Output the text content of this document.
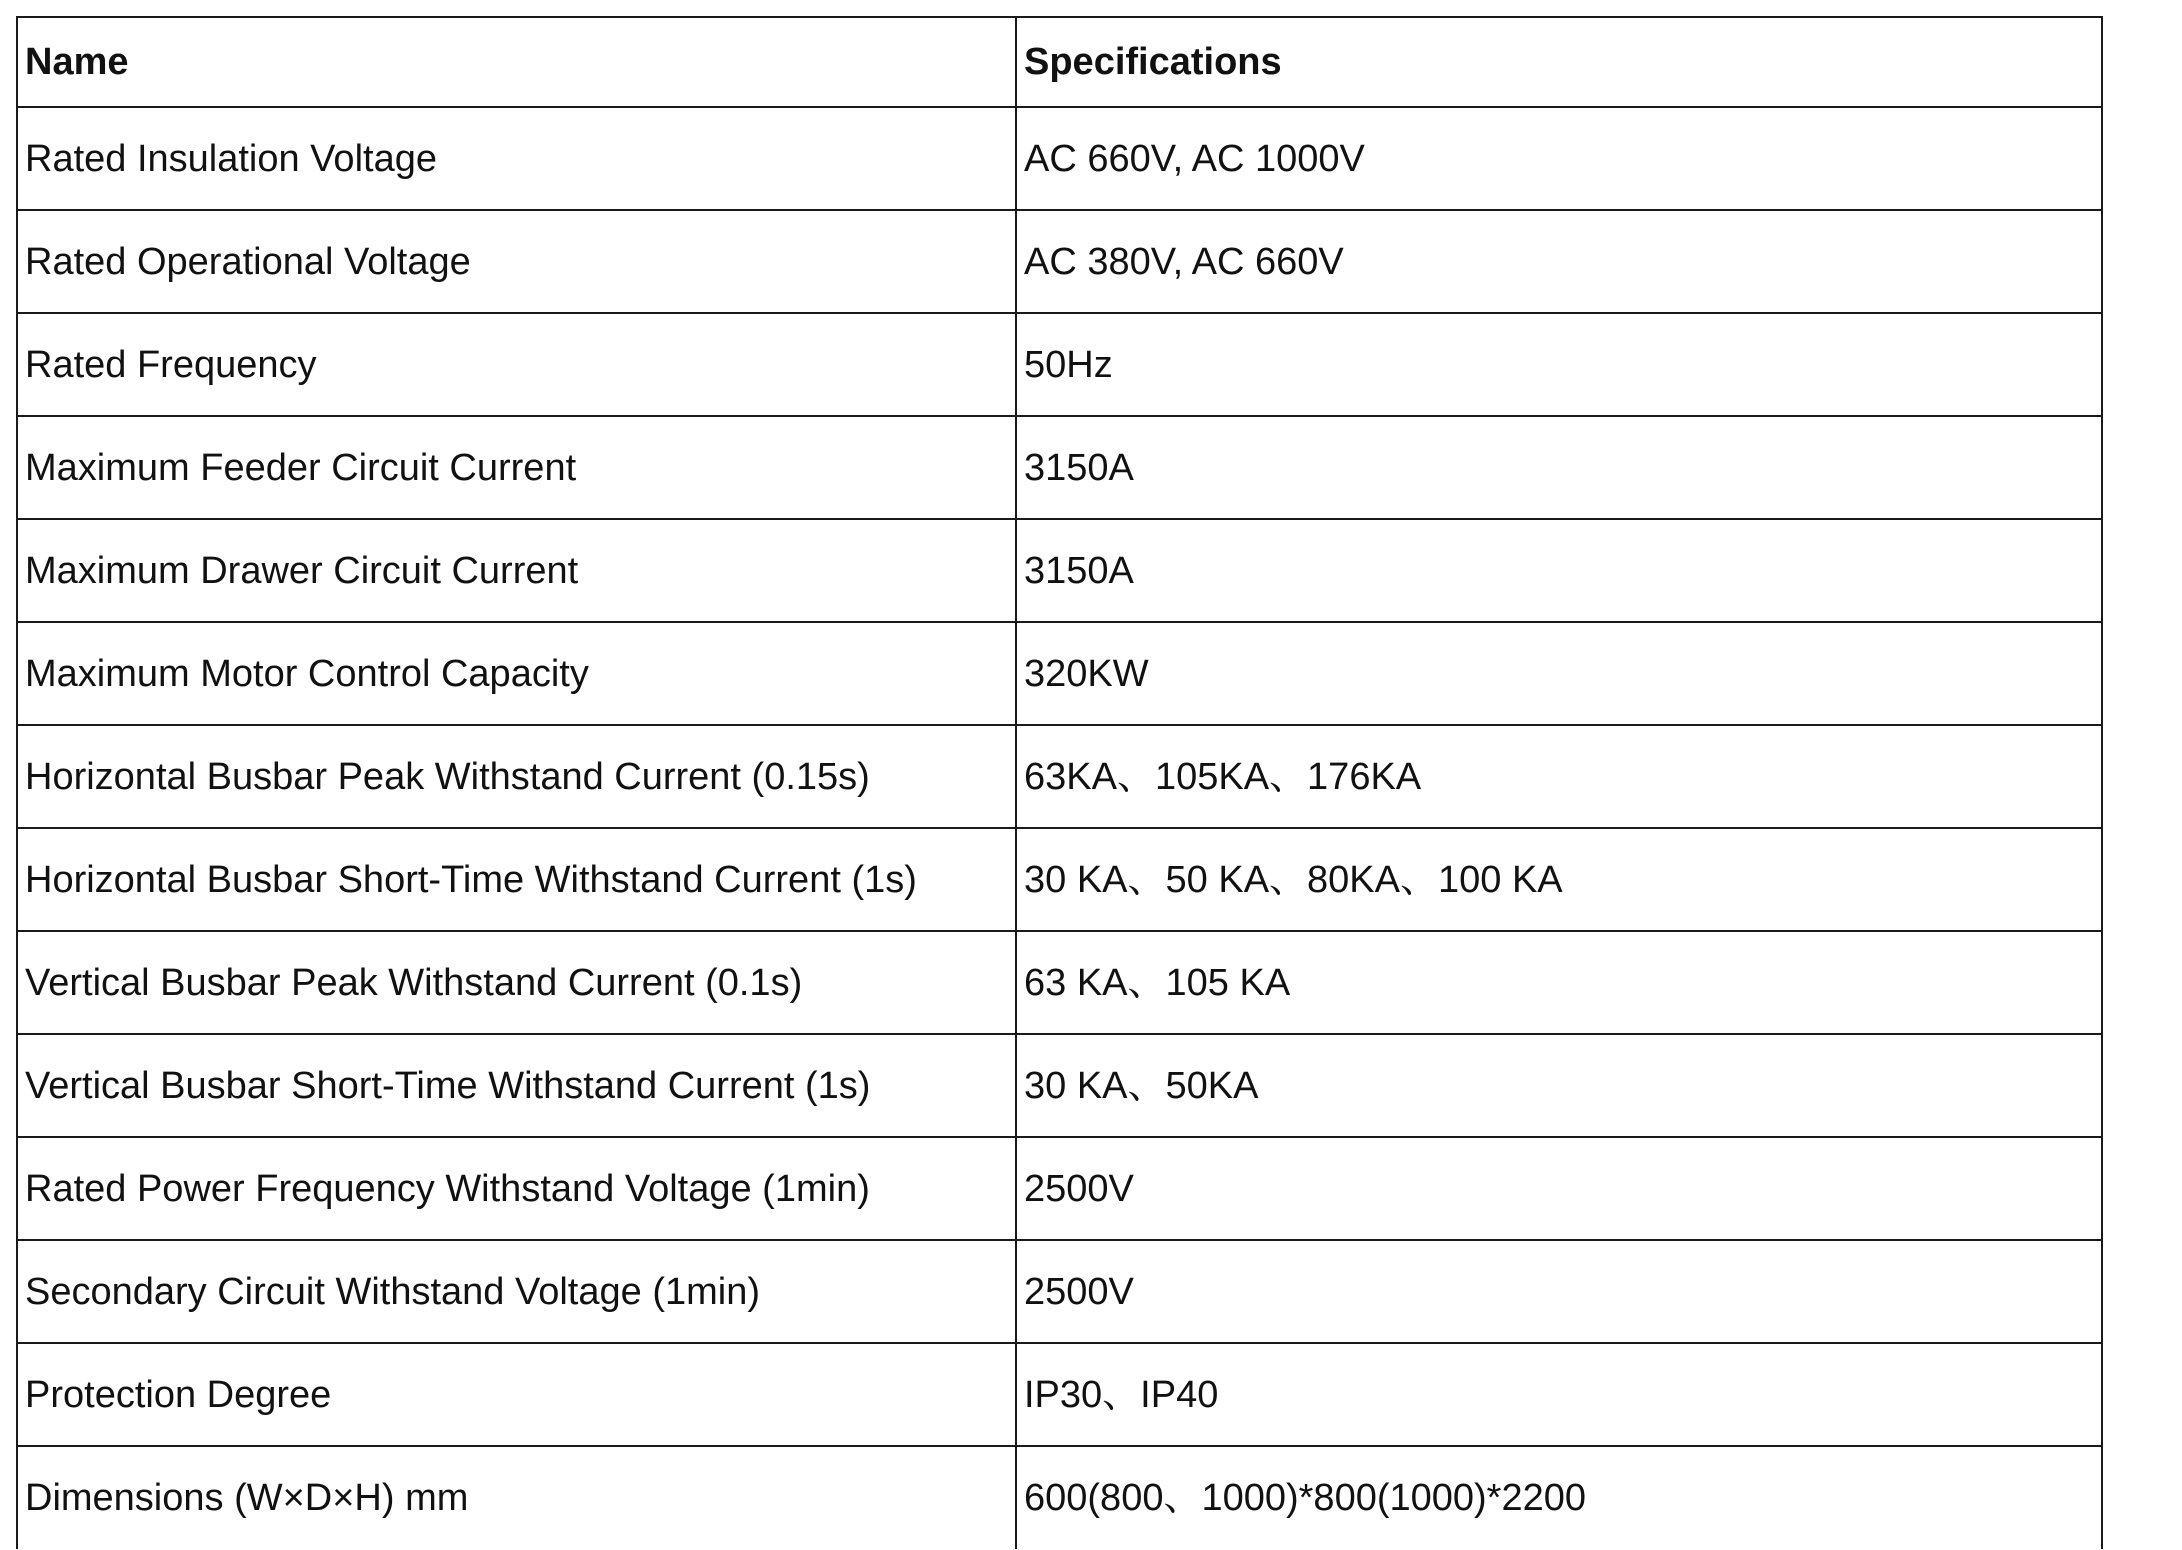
Name	Specifications
Rated Insulation Voltage	AC 660V, AC 1000V
Rated Operational Voltage	AC 380V, AC 660V
Rated Frequency	50Hz
Maximum Feeder Circuit Current	3150A
Maximum Drawer Circuit Current	3150A
Maximum Motor Control Capacity	320KW
Horizontal Busbar Peak Withstand Current (0.15s)	63KA、105KA、176KA
Horizontal Busbar Short-Time Withstand Current (1s)	30 KA、50 KA、80KA、100 KA
Vertical Busbar Peak Withstand Current (0.1s)	63 KA、105 KA
Vertical Busbar Short-Time Withstand Current (1s)	30 KA、50KA
Rated Power Frequency Withstand Voltage (1min)	2500V
Secondary Circuit Withstand Voltage (1min)	2500V
Protection Degree	IP30、IP40
Dimensions (W×D×H) mm	600(800、1000)*800(1000)*2200
